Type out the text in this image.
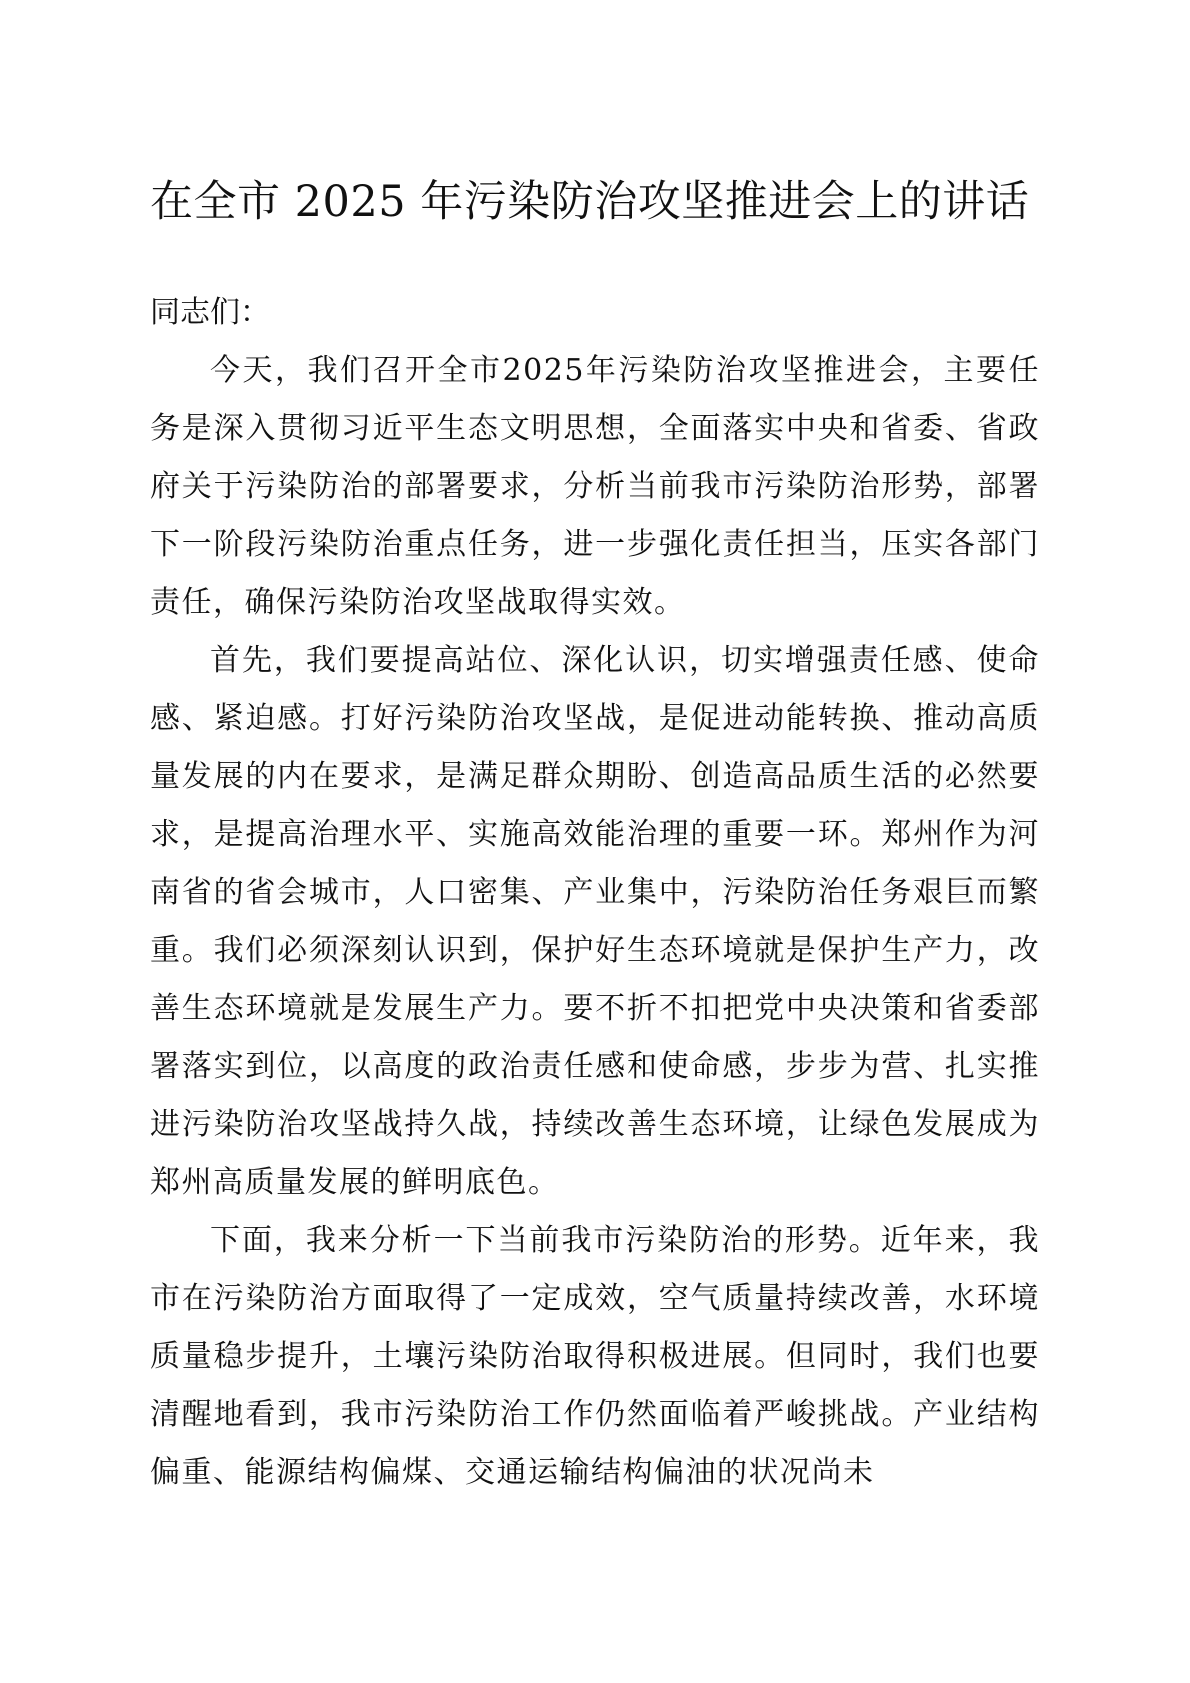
在全市 2025 年污染防治攻坚推进会上的讲话

同志们：

今天，我们召开全市2025年污染防治攻坚推进会，主要任务是深入贯彻习近平生态文明思想，全面落实中央和省委、省政府关于污染防治的部署要求，分析当前我市污染防治形势，部署下一阶段污染防治重点任务，进一步强化责任担当，压实各部门责任，确保污染防治攻坚战取得实效。

首先，我们要提高站位、深化认识，切实增强责任感、使命感、紧迫感。打好污染防治攻坚战，是促进动能转换、推动高质量发展的内在要求，是满足群众期盼、创造高品质生活的必然要求，是提高治理水平、实施高效能治理的重要一环。郑州作为河南省的省会城市，人口密集、产业集中，污染防治任务艰巨而繁重。我们必须深刻认识到，保护好生态环境就是保护生产力，改善生态环境就是发展生产力。要不折不扣把党中央决策和省委部署落实到位，以高度的政治责任感和使命感，步步为营、扎实推进污染防治攻坚战持久战，持续改善生态环境，让绿色发展成为郑州高质量发展的鲜明底色。

下面，我来分析一下当前我市污染防治的形势。近年来，我市在污染防治方面取得了一定成效，空气质量持续改善，水环境质量稳步提升，土壤污染防治取得积极进展。但同时，我们也要清醒地看到，我市污染防治工作仍然面临着严峻挑战。产业结构偏重、能源结构偏煤、交通运输结构偏油的状况尚未
